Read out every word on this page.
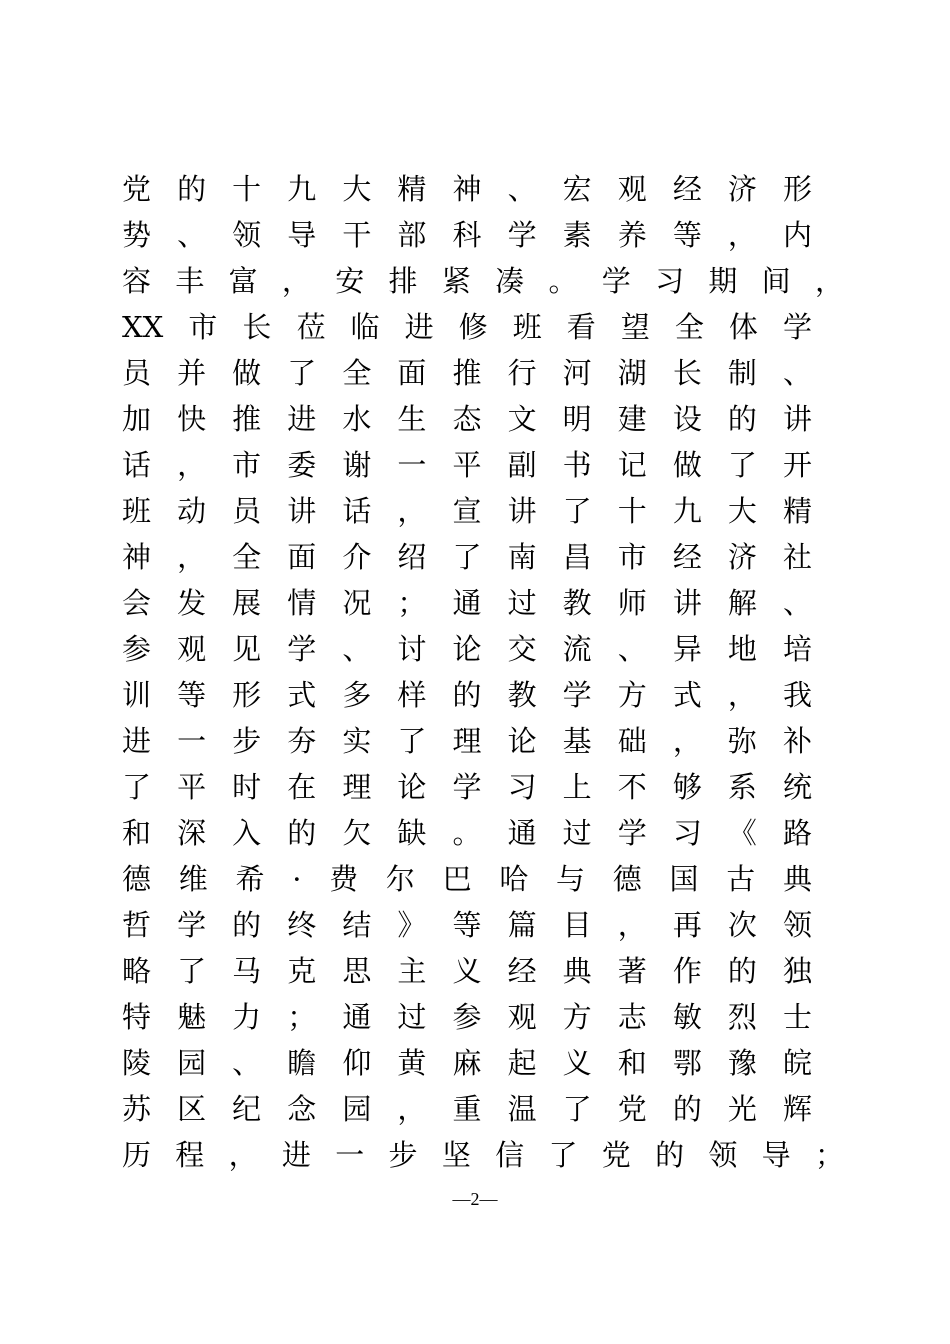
党的十九大精神、宏观经济形
势、领导干部科学素养等，内
容丰富，安排紧凑。学习期间，
XX市长莅临进修班看望全体学
员并做了全面推行河湖长制、
加快推进水生态文明建设的讲
话，市委谢一平副书记做了开
班动员讲话，宣讲了十九大精
神，全面介绍了南昌市经济社
会发展情况；通过教师讲解、
参观见学、讨论交流、异地培
训等形式多样的教学方式，我
进一步夯实了理论基础，弥补
了平时在理论学习上不够系统
和深入的欠缺。通过学习《路
德维希·费尔巴哈与德国古典
哲学的终结》等篇目，再次领
略了马克思主义经典著作的独
特魅力；通过参观方志敏烈士
陵园、瞻仰黄麻起义和鄂豫皖
苏区纪念园，重温了党的光辉
历程，进一步坚信了党的领导；
—2—
